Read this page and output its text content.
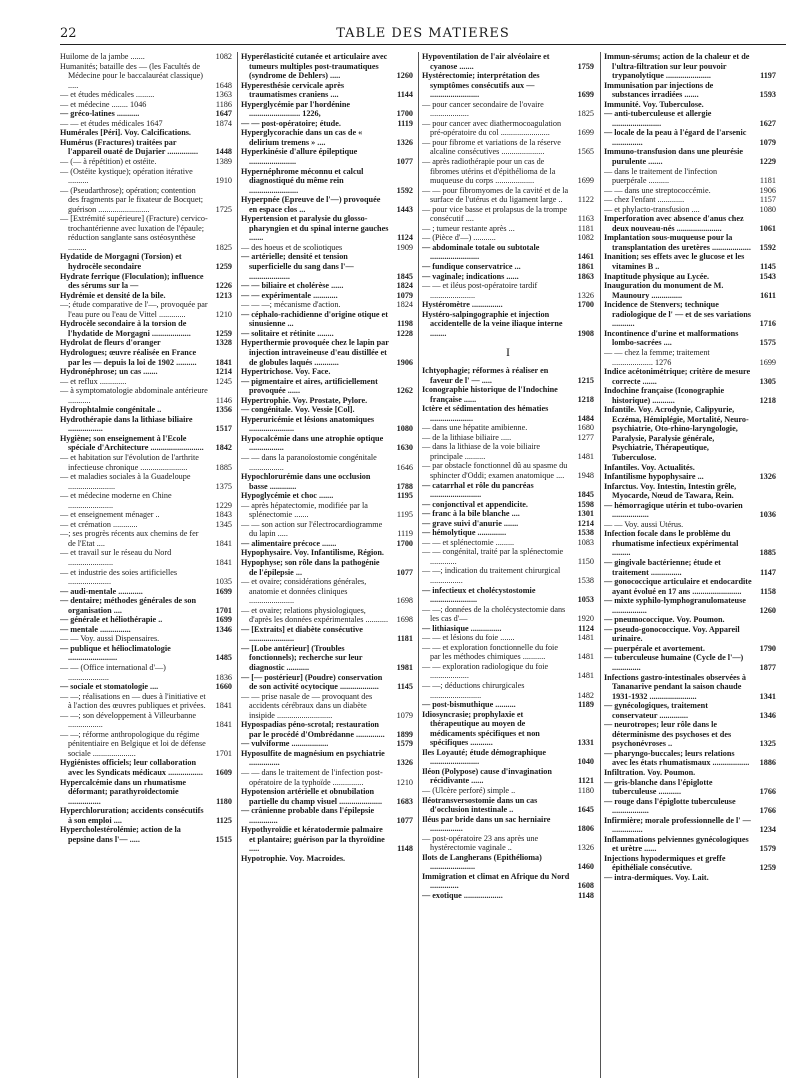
22	TABLE DES MATIERES
Huilome de la jambe .......	1082
Humanités; bataille des — (les Facultés de Médecine pour le baccalauréat classique) .....	1648
— et études médicales .........	1363
— et médecine ........ 1046	1186
— gréco-latines ...........	1647
— — et études médicales 1647	1874
Humérales [Péri]. Voy. Calcifications.
Humérus (Fractures) traitées par l'appareil ouaté de Dujarier ...............	1448
— (— à répétition) et ostéite.	1389
— (Ostéite kystique); opération itérative ..........	1910
— (Pseudarthrose); opération; contention des fragments par le fixateur de Bocquet; guérison .........................	1725
— [Extrémité supérieure] (Fracture) cervico-trochantérienne avec luxation de l'épaule; réduction sanglante sans ostéosynthèse .........	1825
Hydatide de Morgagni (Torsion) et hydrocèle secondaire	1259
Hydrate ferrique (Floculation); influence des sérums sur la —	1226
Hydrémie et densité de la bile.	1213
—; étude comparative de l'—, provoquée par l'eau pure ou l'eau de Vittel .............	1210
Hydrocèle secondaire à la torsion de l'hydatide de Morgagni ...................	1259
Hydrolat de fleurs d'oranger	1328
Hydrologues; œuvre réalisée en France par les — depuis la loi de 1902 ..........	1841
Hydronéphrose; un cas .......	1214
— et reflux .............	1245
— à symptomatologie abdominale antérieure ...........	1146
Hydrophtalmie congénitale ..	1356
Hydrothérapie dans la lithiase biliaire .................	1517
Hygiène; son enseignement à l'Ecole spéciale d'Architecture ..........................	1842
— et habitation sur l'évolution de l'arthrite infectieuse chronique .......................	1885
— et maladies sociales à la Guadeloupe .......................	1375
— et médecine moderne en Chine ......................	1229
— et enseignement ménager ..	1843
— et crémation ............	1345
—; ses progrès récents aux chemins de fer de l'Etat ....	1841
— et travail sur le réseau du Nord ......................	1841
— et industrie des soies artificielles .....................	1035
— audi-mentale ............	1699
— dentaire; méthodes générales de son organisation ....	1701
— générale et héliothérapie ..	1699
— mentale ...............	1346
— — Voy. aussi Dispensaires.
— publique et hélioclimatologie ........................	1485
— — (Office international d'—) ....................	1836
— sociale et stomatologie ....	1660
— —; réalisations en — dues à l'initiative et à l'action des œuvres publiques et privées.	1841
— —; son développement à Villeurbanne .................	1841
— —; réforme anthropologique du régime pénitentiaire en Belgique et loi de défense sociale .....................	1701
Hygiénistes officiels; leur collaboration avec les Syndicats médicaux .................	1609
Hypercalcémie dans un rhumatisme déformant; parathyroïdectomie ................	1180
Hyperchloruration; accidents consécutifs à son emploi ....	1125
Hypercholestérolémie; action de la pepsine dans l'— .....	1515
Hyperélasticité cutanée et articulaire avec tumeurs multiples post-traumatiques (syndrome de Dehlers) .....	1260
Hyperesthésie cervicale après traumatismes craniens ....	1144
Hyperglycémie par l'hordénine ......................... 1226,	1700
— — post-opératoire; étude.	1119
Hyperglycorachie dans un cas de « delirium tremens » ....	1326
Hyperkinésie d'allure épileptique .......................	1077
Hypernéphrome méconnu et calcul diagnostiqué du même rein ........................	1592
Hyperpnée (Epreuve de l'—) provoquée en espace clos ...	1443
Hypertension et paralysie du glosso-pharyngien et du spinal interne gauches .......	1124
— des hoeus et de scoliotiques	1909
— artérielle; densité et tension superficielle du sang dans l'— ....................	1845
— — biliaire et cholérèse ......	1824
— — expérimentale ............	1079
— — —; mécanisme d'action.	1824
— céphalo-rachidienne d'origine otique et sinusienne ...	1198
— solitaire et rétinite ........	1228
Hyperthermie provoquée chez le lapin par injection intraveineuse d'eau distillée et de globules laqués ............	1906
Hypertrichose. Voy. Face.
— pigmentaire et aires, artificiellement provoquée ......	1262
Hypertrophie. Voy. Prostate, Pylore.
— congénitale. Voy. Vessie [Col].
Hyperuricémie et lésions anatomiques ......................	1080
Hypocalcémie dans une atrophie optique .................	1630
— — dans la paranoïostomie congénitale .................	1646
Hypochlorurémie dans une occlusion basse .............	1788
Hypoglycémie et choc .......	1195
— après hépatectomie, modifiée par la splénectomie .......	1195
— — son action sur l'électrocardiogramme du lapin .....	1119
— alimentaire précoce .......	1700
Hypophysaire. Voy. Infantilisme, Région.
Hypophyse; son rôle dans la pathogénie de l'épilepsie ...	1077
— et ovaire; considérations générales, anatomie et données cliniques ......................	1698
— et ovaire; relations physiologiques, d'après les données expérimentales ...........	1698
— [Extraits] et diabète consécutive ......................	1181
— [Lobe antérieur] (Troubles fonctionnels); recherche sur leur diagnostic ...........	1981
— [— postérieur] (Poudre) conservation de son activité ocytocique ...................	1145
— — prise nasale de — provoquant des accidents cérébraux dans un diabète insipide ...........................	1079
Hypospadias péno-scrotal; restauration par le procédé d'Ombrédanne ..............	1899
— vulviforme ..................	1579
Hyposulfite de magnésium en psychiatrie ...............	1326
— — dans le traitement de l'infection post-opératoire de la typhoïde ...............	1210
Hypotension artérielle et obnubilation partielle du champ visuel .....................	1683
— crânienne probable dans l'épilepsie ..............	1077
Hypothyroïdie et kératodermie palmaire et plantaire; guérison par la thyroïdine .....	1148
Hypotrophie. Voy. Macroides.
Hypoventilation de l'air alvéolaire et cyanose .......	1759
Hystérectomie; interprétation des symptômes consécutifs aux — ........................	1699
— pour cancer secondaire de l'ovaire ...................	1825
— pour cancer avec diathermocoagulation pré-opératoire du col ........................	1699
— pour fibrome et variations de la réserve alcaline consécutives .....................	1565
— après radiothérapie pour un cas de fibromes utérins et d'épithélioma de la muqueuse du corps ...................	1699
— — pour fibromyomes de la cavité et de la surface de l'utérus et du ligament large ..	1122
— pour vice basse et prolapsus de la trompe consécutif ....	1163
— ; tumeur restante après ...	1181
— (Pièce d'—) ...........	1082
— abdominale totale ou subtotale ........................	1461
— fundique conservatrice ...	1861
— vaginale; indications ......	1863
— — et iléus post-opératoire tardif ......................	1326
Hystéromètre ...............	1700
Hystéro-salpingographie et injection accidentelle de la veine iliaque interne ........	1908
I
Ichtyophagie; réformes à réaliser en faveur de l' — .....	1215
Iconographie historique de l'Indochine française ......	1218
Ictère et sédimentation des hématies .....................	1484
— dans une hépatite amibienne.	1680
— de la lithiase biliaire .....	1277
— dans la lithiase de la voie biliaire principale ..........	1481
— par obstacle fonctionnel dû au spasme du sphincter d'Oddi; examen anatomique ....	1948
— catarrhal et rôle du pancréas .........................	1845
— conjonctival et appendicite.	1598
— franc à la bile blanche ....	1301
— grave suivi d'anurie .......	1214
— hémolytique ..............	1538
— — et splénectomie .........	1083
— — congénital, traité par la splénectomie .............	1150
— —; indication du traitement chirurgical ................	1538
— infectieux et cholécystostomie .......................	1053
— —; données de la cholécystectomie dans les cas d'—	1920
— lithiasique ...............	1124
— — et lésions du foie .......	1481
— — et exploration fonctionnelle du foie par les méthodes chimiques ...........	1481
— — exploration radiologique du foie ...................	1481
— —; déductions chirurgicales .........................	1482
— post-bismuthique ..........	1189
Idiosyncrasie; prophylaxie et thérapeutique au moyen de médicaments spécifiques et non spécifiques ...........	1331
Iles Loyauté; étude démographique ........................	1040
Iléon (Polypose) cause d'invagination récidivante ......	1121
— (Ulcère perforé) simple ..	1180
Iléotransversostomie dans un cas d'occlusion intestinale ..	1645
Iléus par bride dans un sac herniaire ................	1806
— post-opératoire 23 ans après une hystérectomie vaginale ..	1326
Ilots de Langherans (Epithélioma) ......................	1460
Immigration et climat en Afrique du Nord ..............	1608
— exotique ...................	1148
Immun-sérums; action de la chaleur et de l'ultra-filtration sur leur pouvoir trypanolytique ......................	1197
Immunisation par injections de substances irradiées .......	1593
Immunité. Voy. Tuberculose.
— anti-tuberculeuse et allergie ........................	1627
— locale de la peau à l'égard de l'arsenic ...............	1079
Immuno-transfusion dans une pleurésie purulente .......	1229
— dans le traitement de l'infection puerpérale ..........	1181
— — dans une streptococcémie.	1906
— chez l'enfant .............	1157
— et phylacto-transfusion ....	1080
Imperforation avec absence d'anus chez deux nouveau-nés ......................	1061
Implantation sous-muqueuse pour la transplantation des uretères ...................	1592
Inanition; ses effets avec le glucose et les vitamines B ..	1145
Inaptitude physique au Lycée.	1543
Inauguration du monument de M. Maunoury ...............	1611
Incidence de Stenvers; technique radiologique de l' — et de ses variations ...........	1716
Incontinence d'urine et malformations lombo-sacrées ....	1575
— — chez la femme; traitement .................... 1276	1699
Indice acétonimétrique; critère de mesure correcte .......	1305
Indochine française (Iconographie historique) ...........	1218
Infantile. Voy. Acrodynie, Calipyurie, Eczéma, Hémiplégie, Mortalité, Neuro-psychiatrie, Oto-rhino-laryngologie, Paralysie, Paralysie générale, Psychiatrie, Thérapeutique, Tuberculose.
Infantiles. Voy. Actualités.
Infantilisme hypophysaire ...	1326
Infarctus. Voy. Intestin, Intestin grêle, Myocarde, Nœud de Tawara, Rein.
— hémorragique utérin et tubo-ovarien ..................	1036
— — Voy. aussi Utérus.
Infection focale dans le problème du rhumatisme infectieux expérimental .........	1885
— gingivale bactérienne; étude et traitement ...............	1147
— gonococcique articulaire et endocardite ayant évolué en 17 ans ........................	1158
— mixte syphilo-lymphogranulomateuse .................	1260
— pneumococcique. Voy. Poumon.
— pseudo-gonococcique. Voy. Appareil urinaire.
— puerpérale et avortement.	1790
— tuberculeuse humaine (Cycle de l'—) ..............	1877
Infections gastro-intestinales observées à Tananarive pendant la saison chaude 1931-1932 .......................	1341
— gynécologiques, traitement conservateur ..............	1346
— neurotropes; leur rôle dans le déterminisme des psychoses et des psychonévroses ..	1325
— pharyngo-buccales; leurs relations avec les états rhumatismaux ..................	1886
Infiltration. Voy. Poumon.
— gris-blanche dans l'épiglotte tuberculeuse ...........	1766
— rouge dans l'épiglotte tuberculeuse ..................	1766
Infirmière; morale professionnelle de l' — ...............	1234
Inflammations pelviennes gynécologiques et urètre ......	1579
Injections hypodermiques et greffe épithéliale consécutive.	1259
— intra-dermiques. Voy. Lait.
